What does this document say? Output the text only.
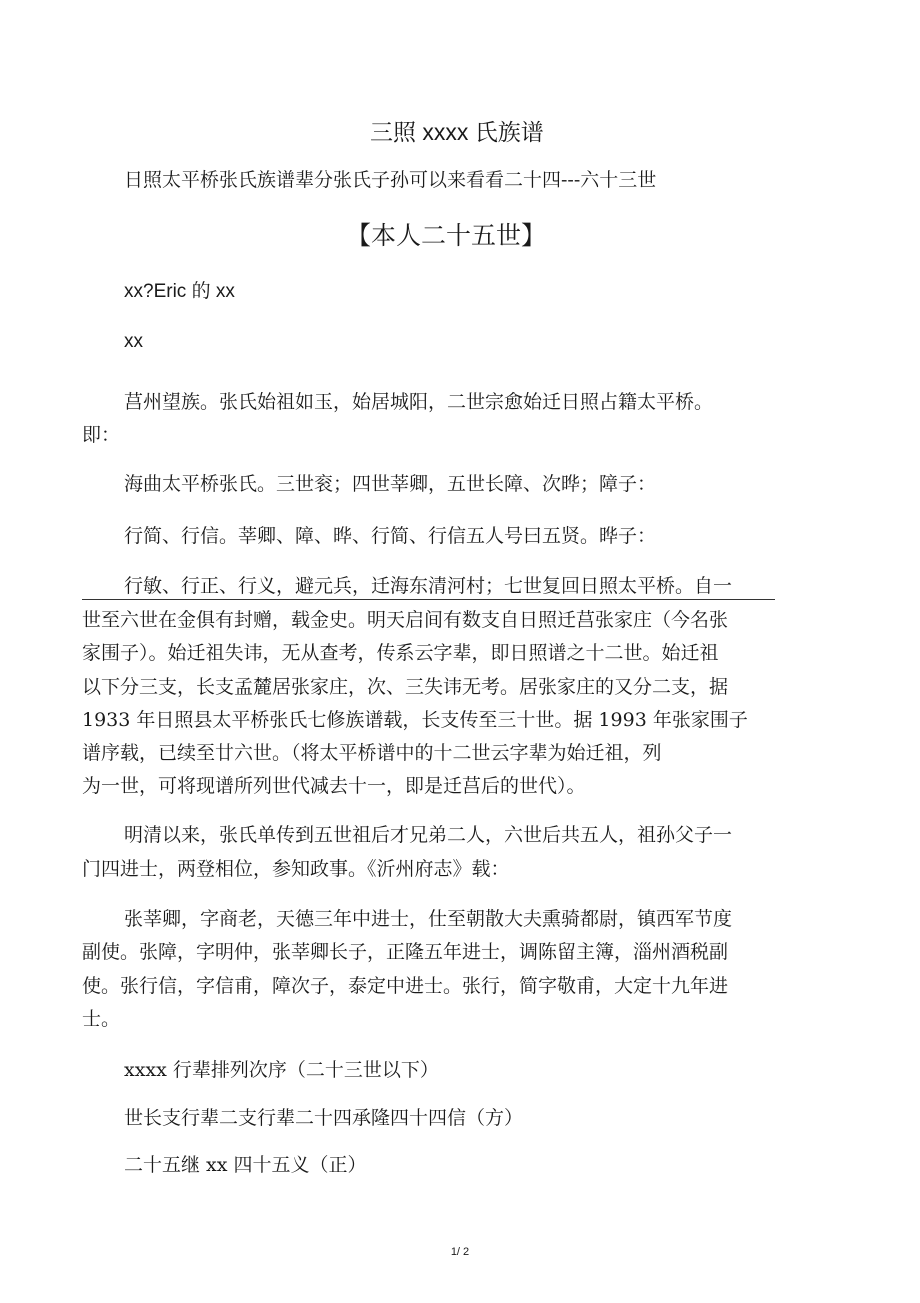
三照 xxxx 氏族谱
日照太平桥张氏族谱辈分张氏子孙可以来看看二十四---六十三世
【本人二十五世】
xx?Eric 的 xx
xx
莒州望族。张氏始祖如玉，始居城阳，二世宗愈始迁日照占籍太平桥。
即：
海曲太平桥张氏。三世衮；四世莘卿，五世长障、次晔；障子：
行简、行信。莘卿、障、晔、行简、行信五人号曰五贤。晔子：
行敏、行正、行义，避元兵，迁海东清河村；七世复回日照太平桥。自一
世至六世在金俱有封赠，载金史。明天启间有数支自日照迁莒张家庄（今名张
家围子）。始迁祖失讳，无从查考，传系云字辈，即日照谱之十二世。始迁祖
以下分三支，长支孟麓居张家庄，次、三失讳无考。居张家庄的又分二支，据
1933 年日照县太平桥张氏七修族谱载，长支传至三十世。据 1993 年张家围子
谱序载，已续至廿六世。（将太平桥谱中的十二世云字辈为始迁祖，列
为一世，可将现谱所列世代减去十一，即是迁莒后的世代）。
明清以来，张氏单传到五世祖后才兄弟二人，六世后共五人，祖孙父子一
门四进士，两登相位，参知政事。《沂州府志》载：
张莘卿，字商老，天德三年中进士，仕至朝散大夫熏骑都尉，镇西军节度
副使。张障，字明仲，张莘卿长子，正隆五年进士，调陈留主簿，淄州酒税副
使。张行信，字信甫，障次子，泰定中进士。张行，简字敬甫，大定十九年进
士。
xxxx 行辈排列次序（二十三世以下）
世长支行辈二支行辈二十四承隆四十四信（方）
二十五继 xx 四十五义（正）
1/ 2
